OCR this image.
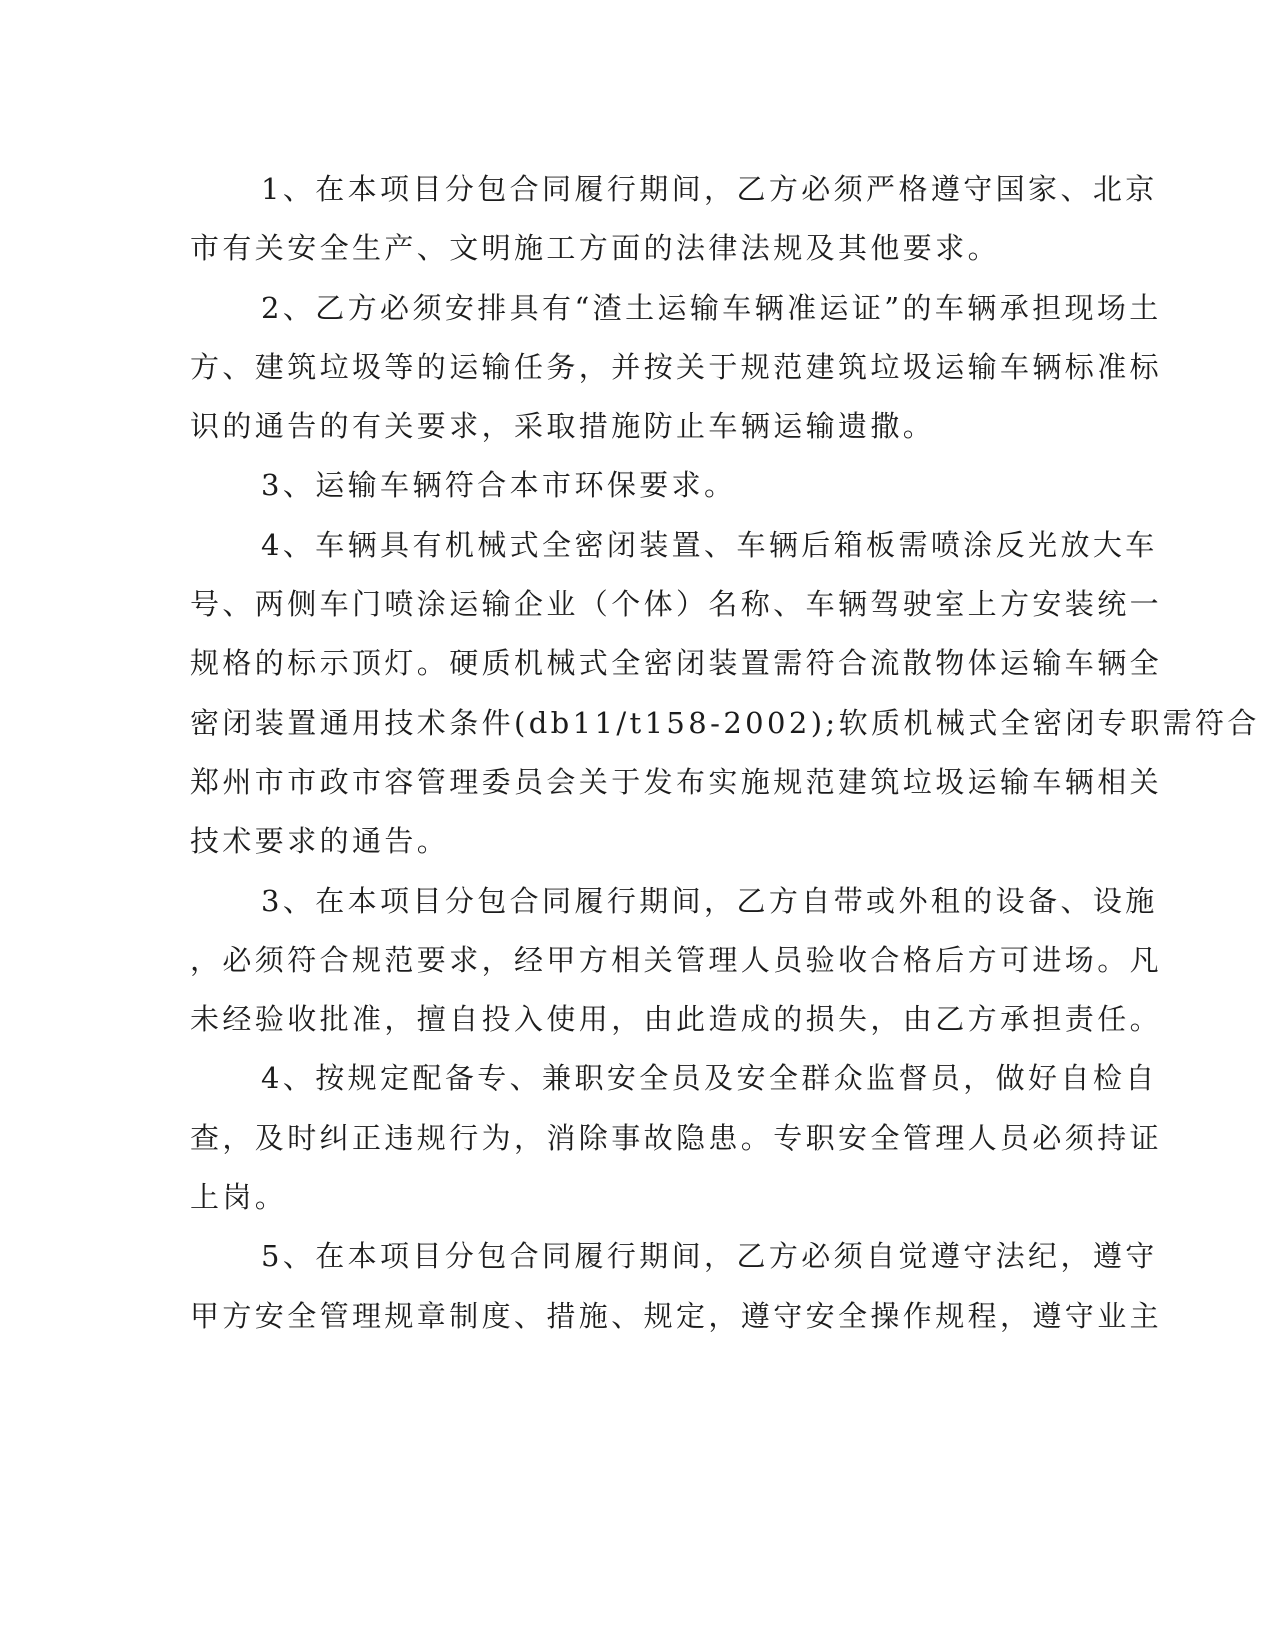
1、在本项目分包合同履行期间，乙方必须严格遵守国家、北京
市有关安全生产、文明施工方面的法律法规及其他要求。
2、乙方必须安排具有“渣土运输车辆准运证”的车辆承担现场土
方、建筑垃圾等的运输任务，并按关于规范建筑垃圾运输车辆标准标
识的通告的有关要求，采取措施防止车辆运输遗撒。
3、运输车辆符合本市环保要求。
4、车辆具有机械式全密闭装置、车辆后箱板需喷涂反光放大车
号、两侧车门喷涂运输企业（个体）名称、车辆驾驶室上方安装统一
规格的标示顶灯。硬质机械式全密闭装置需符合流散物体运输车辆全
密闭装置通用技术条件(db11/t158-2002);软质机械式全密闭专职需符合
郑州市市政市容管理委员会关于发布实施规范建筑垃圾运输车辆相关
技术要求的通告。
3、在本项目分包合同履行期间，乙方自带或外租的设备、设施
，必须符合规范要求，经甲方相关管理人员验收合格后方可进场。凡
未经验收批准，擅自投入使用，由此造成的损失，由乙方承担责任。
4、按规定配备专、兼职安全员及安全群众监督员，做好自检自
查，及时纠正违规行为，消除事故隐患。专职安全管理人员必须持证
上岗。
5、在本项目分包合同履行期间，乙方必须自觉遵守法纪，遵守
甲方安全管理规章制度、措施、规定，遵守安全操作规程，遵守业主
